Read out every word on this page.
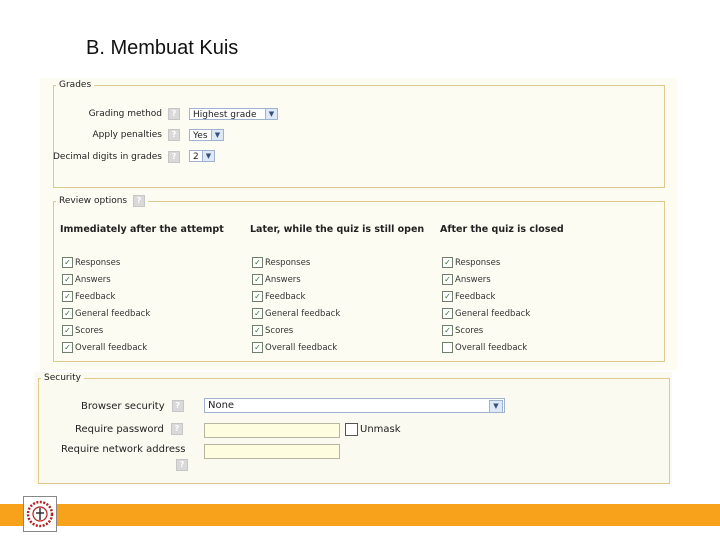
B. Membuat Kuis
Grades
Grading method	?	Highest grade	▼
Apply penalties	?	Yes	▼
Decimal digits in grades	?	2	▼
Review options ?
Immediately after the attempt
✓ Responses
✓ Answers
✓ Feedback
✓ General feedback
✓ Scores
✓ Overall feedback
Later, while the quiz is still open
✓ Responses
✓ Answers
✓ Feedback
✓ General feedback
✓ Scores
✓ Overall feedback
After the quiz is closed
✓ Responses
✓ Answers
✓ Feedback
✓ General feedback
✓ Scores
Overall feedback
Security
Browser security	?	None	▼
Require password	?	Unmask
Require network address
?
